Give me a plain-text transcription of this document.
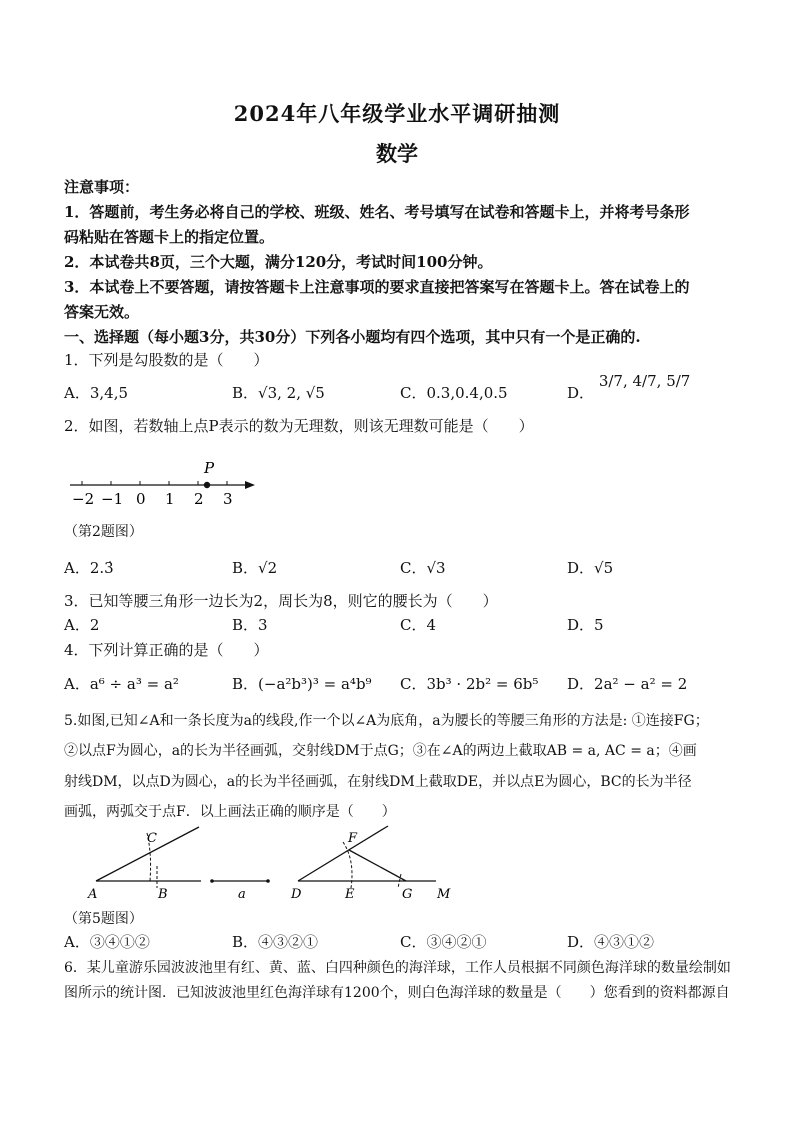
2024年八年级学业水平调研抽测
数学
注意事项：
1．答题前，考生务必将自己的学校、班级、姓名、考号填写在试卷和答题卡上，并将考号条形
码粘贴在答题卡上的指定位置。
2．本试卷共8页，三个大题，满分120分，考试时间100分钟。
3．本试卷上不要答题，请按答题卡上注意事项的要求直接把答案写在答题卡上。答在试卷上的
答案无效。
一、选择题（每小题3分，共30分）下列各小题均有四个选项，其中只有一个是正确的.
1．下列是勾股数的是（　　）
A．3,4,5	B．√3, 2, √5	C．0.3,0.4,0.5	D． 3/7, 4/7, 5/7
2．如图，若数轴上点P表示的数为无理数，则该无理数可能是（　　）
P
−2 −1 0 1 2 3
（第2题图）
A．2.3̇	B．√2	C．√3	D．√5
3．已知等腰三角形一边长为2，周长为8，则它的腰长为（　　）
A．2	B．3	C．4	D．5
4．下列计算正确的是（　　）
A．a⁶ ÷ a³ = a²	B．(−a²b³)³ = a⁴b⁹ C．3b³ · 2b² = 6b⁵ D．2a² − a² = 2
5.如图,已知∠A和一条长度为a的线段,作一个以∠A为底角，a为腰长的等腰三角形的方法是: ①连接FG；
②以点F为圆心，a的长为半径画弧，交射线DM于点G；③在∠A的两边上截取AB = a, AC = a；④画
射线DM，以点D为圆心，a的长为半径画弧，在射线DM上截取DE，并以点E为圆心，BC的长为半径
画弧，两弧交于点F．以上画法正确的顺序是（　　）
A	B
C
a	D	E
F
G M
（第5题图）
A．③④①②	B．④③②①	C．③④②①	D．④③①②
6．某儿童游乐园波波池里有红、黄、蓝、白四种颜色的海洋球，工作人员根据不同颜色海洋球的数量绘制如
图所示的统计图．已知波波池里红色海洋球有1200个，则白色海洋球的数量是（　　）您看到的资料都源自
